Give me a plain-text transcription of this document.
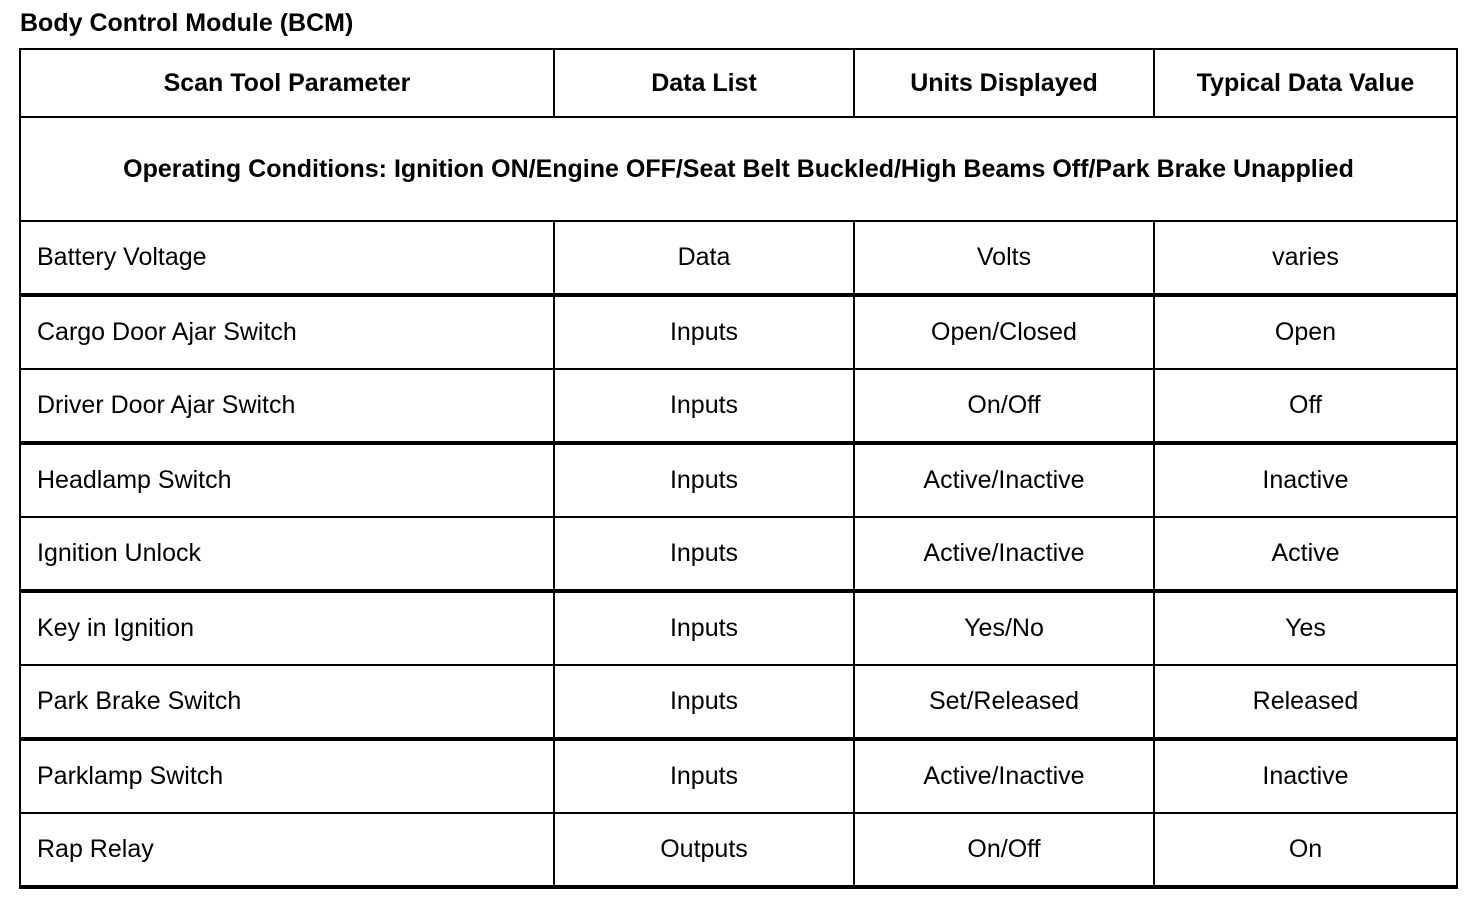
Body Control Module (BCM)
Scan Tool Parameter	Data List	Units Displayed	Typical Data Value
Operating Conditions: Ignition ON/Engine OFF/Seat Belt Buckled/High Beams Off/Park Brake Unapplied			
Battery Voltage	Data	Volts	varies
Cargo Door Ajar Switch	Inputs	Open/Closed	Open
Driver Door Ajar Switch	Inputs	On/Off	Off
Headlamp Switch	Inputs	Active/Inactive	Inactive
Ignition Unlock	Inputs	Active/Inactive	Active
Key in Ignition	Inputs	Yes/No	Yes
Park Brake Switch	Inputs	Set/Released	Released
Parklamp Switch	Inputs	Active/Inactive	Inactive
Rap Relay	Outputs	On/Off	On
